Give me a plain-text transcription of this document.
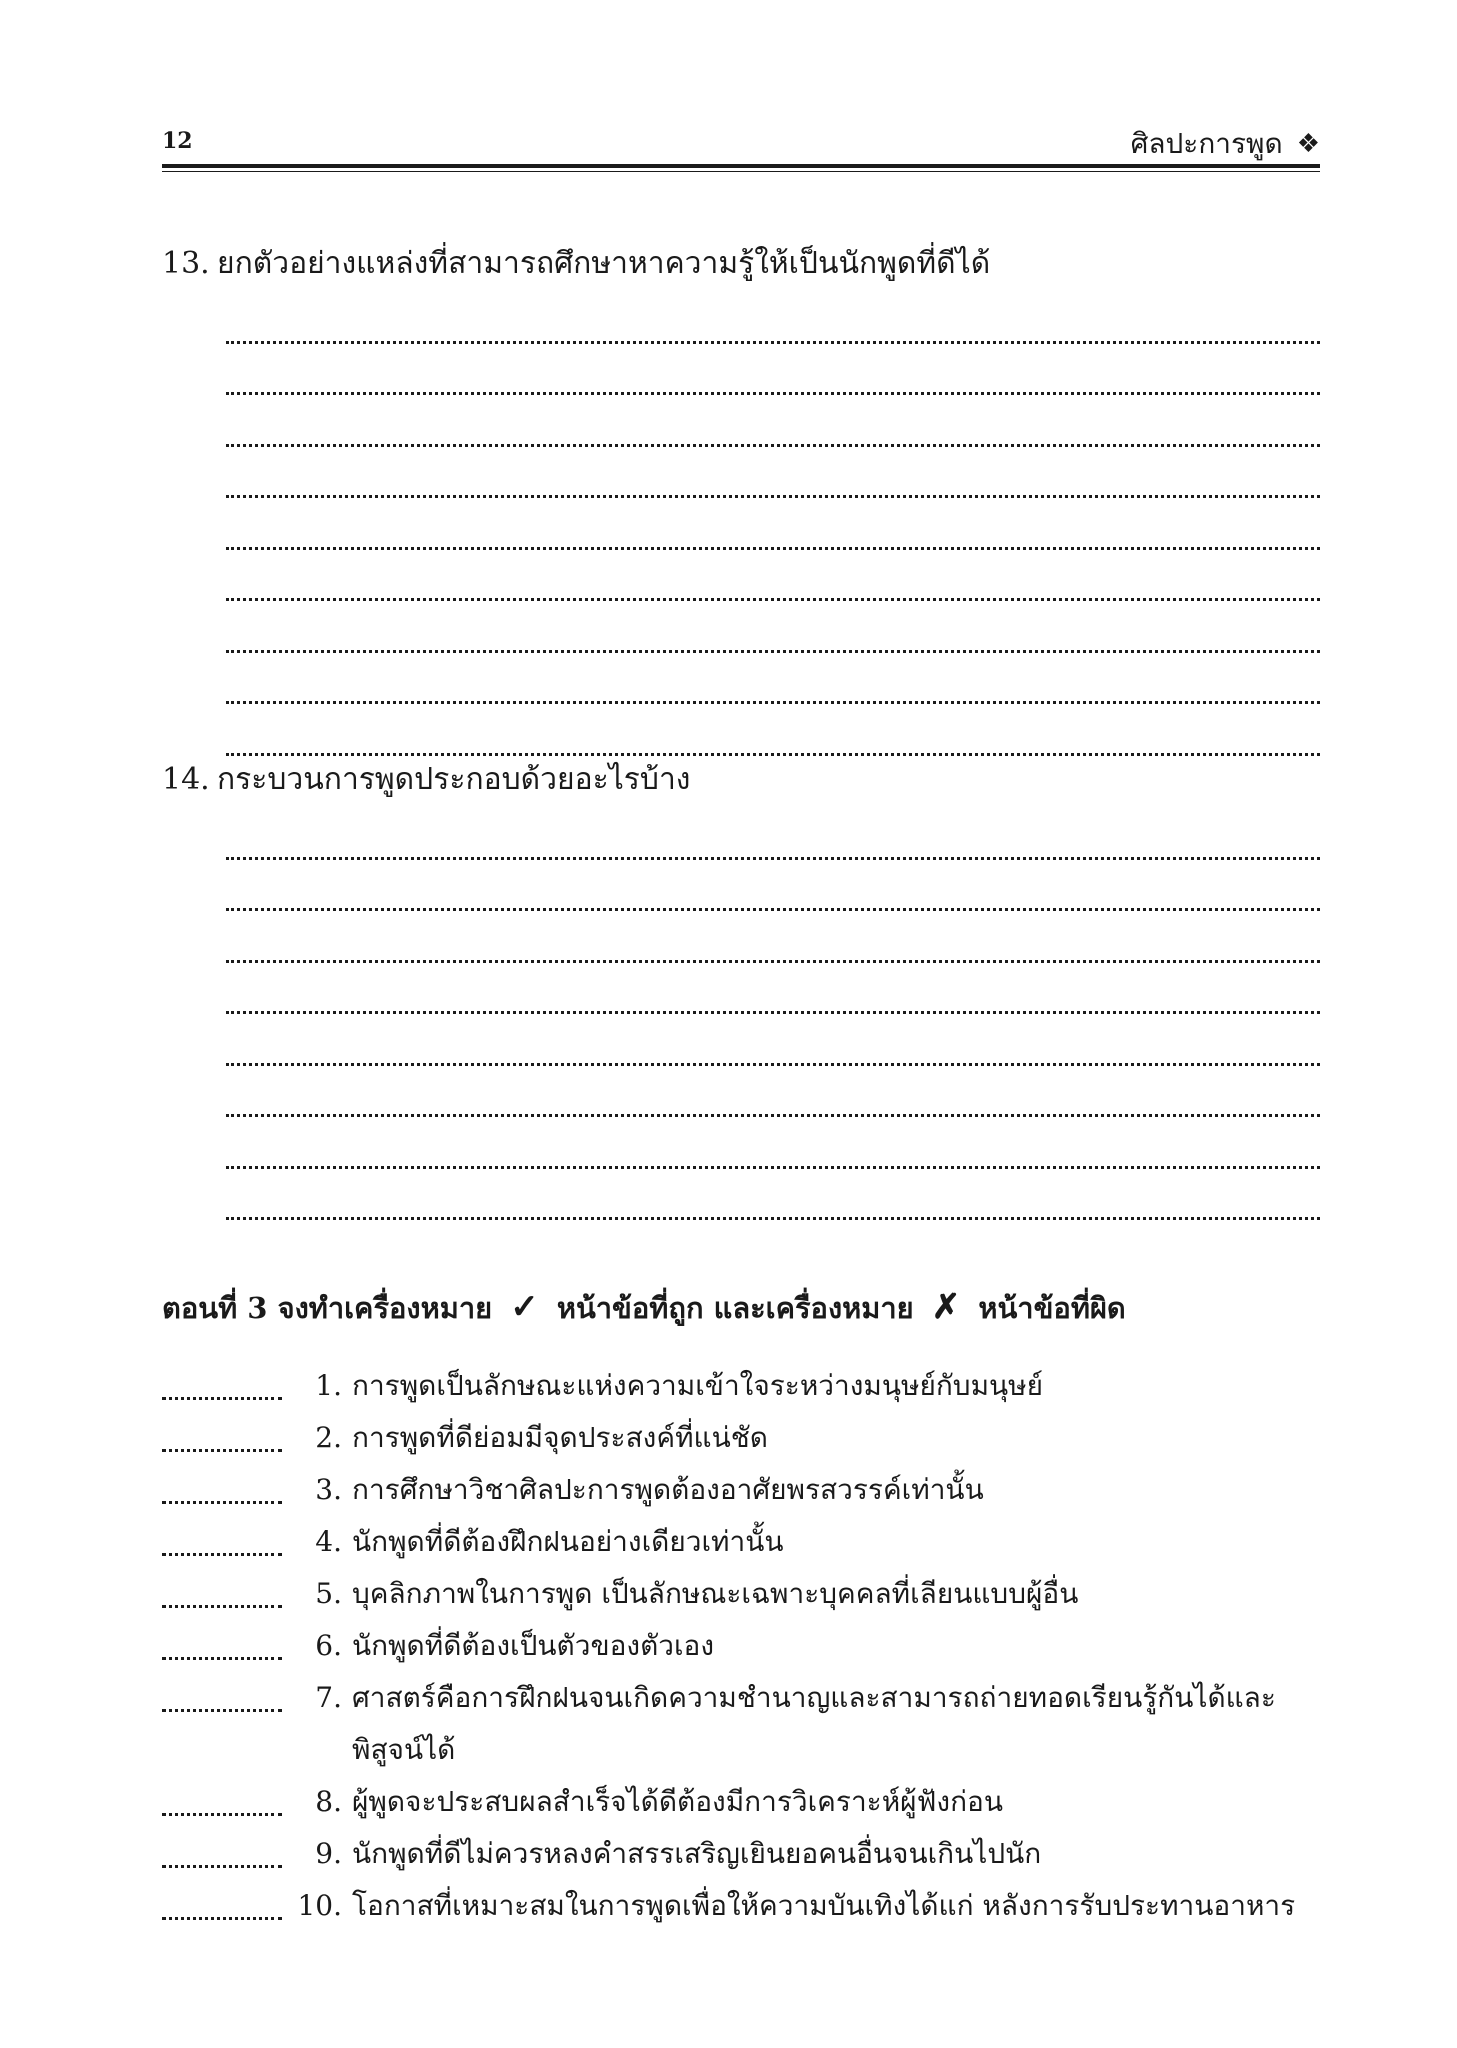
12	ศิลปะการพูด ❖
13. ยกตัวอย่างแหล่งที่สามารถศึกษาหาความรู้ให้เป็นนักพูดที่ดีได้
14. กระบวนการพูดประกอบด้วยอะไรบ้าง
ตอนที่ 3 จงทำเครื่องหมาย ✓ หน้าข้อที่ถูก และเครื่องหมาย ✗ หน้าข้อที่ผิด
1. การพูดเป็นลักษณะแห่งความเข้าใจระหว่างมนุษย์กับมนุษย์
2. การพูดที่ดีย่อมมีจุดประสงค์ที่แน่ชัด
3. การศึกษาวิชาศิลปะการพูดต้องอาศัยพรสวรรค์เท่านั้น
4. นักพูดที่ดีต้องฝึกฝนอย่างเดียวเท่านั้น
5. บุคลิกภาพในการพูด เป็นลักษณะเฉพาะบุคคลที่เลียนแบบผู้อื่น
6. นักพูดที่ดีต้องเป็นตัวของตัวเอง
7. ศาสตร์คือการฝึกฝนจนเกิดความชำนาญและสามารถถ่ายทอดเรียนรู้กันได้และพิสูจน์ได้
8. ผู้พูดจะประสบผลสำเร็จได้ดีต้องมีการวิเคราะห์ผู้ฟังก่อน
9. นักพูดที่ดีไม่ควรหลงคำสรรเสริญเยินยอคนอื่นจนเกินไปนัก
10. โอกาสที่เหมาะสมในการพูดเพื่อให้ความบันเทิงได้แก่ หลังการรับประทานอาหาร
